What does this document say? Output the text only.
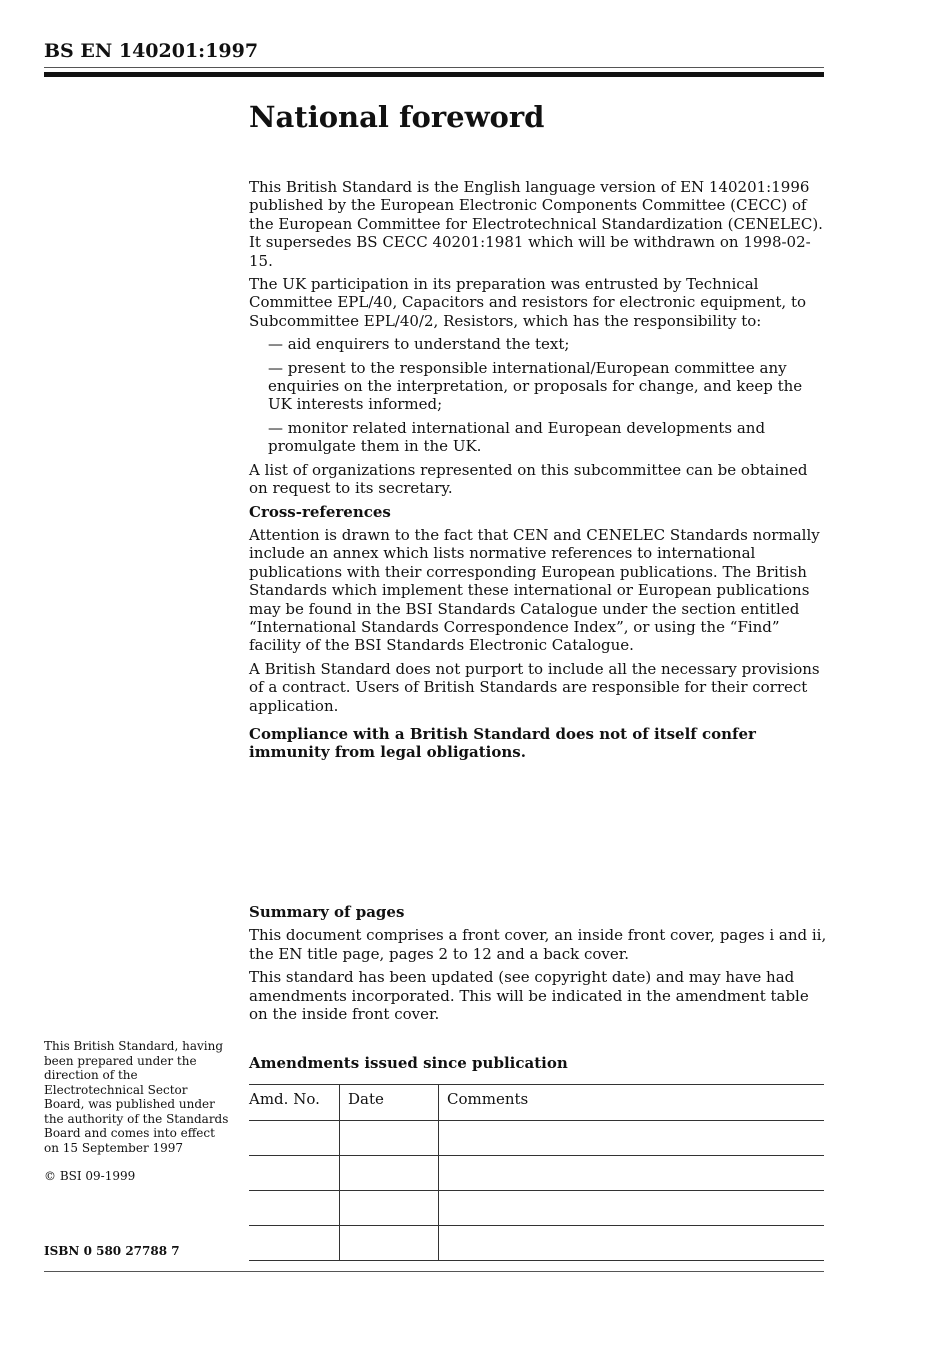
BS EN 140201:1997
National foreword

This British Standard is the English language version of EN 140201:1996 published by the European Electronic Components Committee (CECC) of the European Committee for Electrotechnical Standardization (CENELEC). It supersedes BS CECC 40201:1981 which will be withdrawn on 1998-02-15.

The UK participation in its preparation was entrusted by Technical Committee EPL/40, Capacitors and resistors for electronic equipment, to Subcommittee EPL/40/2, Resistors, which has the responsibility to:

— aid enquirers to understand the text;

— present to the responsible international/European committee any enquiries on the interpretation, or proposals for change, and keep the UK interests informed;

— monitor related international and European developments and promulgate them in the UK.

A list of organizations represented on this subcommittee can be obtained on request to its secretary.

Cross-references

Attention is drawn to the fact that CEN and CENELEC Standards normally include an annex which lists normative references to international publications with their corresponding European publications. The British Standards which implement these international or European publications may be found in the BSI Standards Catalogue under the section entitled “International Standards Correspondence Index”, or using the “Find” facility of the BSI Standards Electronic Catalogue.

A British Standard does not purport to include all the necessary provisions of a contract. Users of British Standards are responsible for their correct application.

Compliance with a British Standard does not of itself confer immunity from legal obligations.

Summary of pages

This document comprises a front cover, an inside front cover, pages i and ii, the EN title page, pages 2 to 12 and a back cover.

This standard has been updated (see copyright date) and may have had amendments incorporated. This will be indicated in the amendment table on the inside front cover.

Amendments issued since publication
Amd. No.	Date	Comments

This British Standard, having been prepared under the direction of the Electrotechnical Sector Board, was published under the authority of the Standards Board and comes into effect on 15 September 1997

© BSI 09-1999

ISBN 0 580 27788 7
